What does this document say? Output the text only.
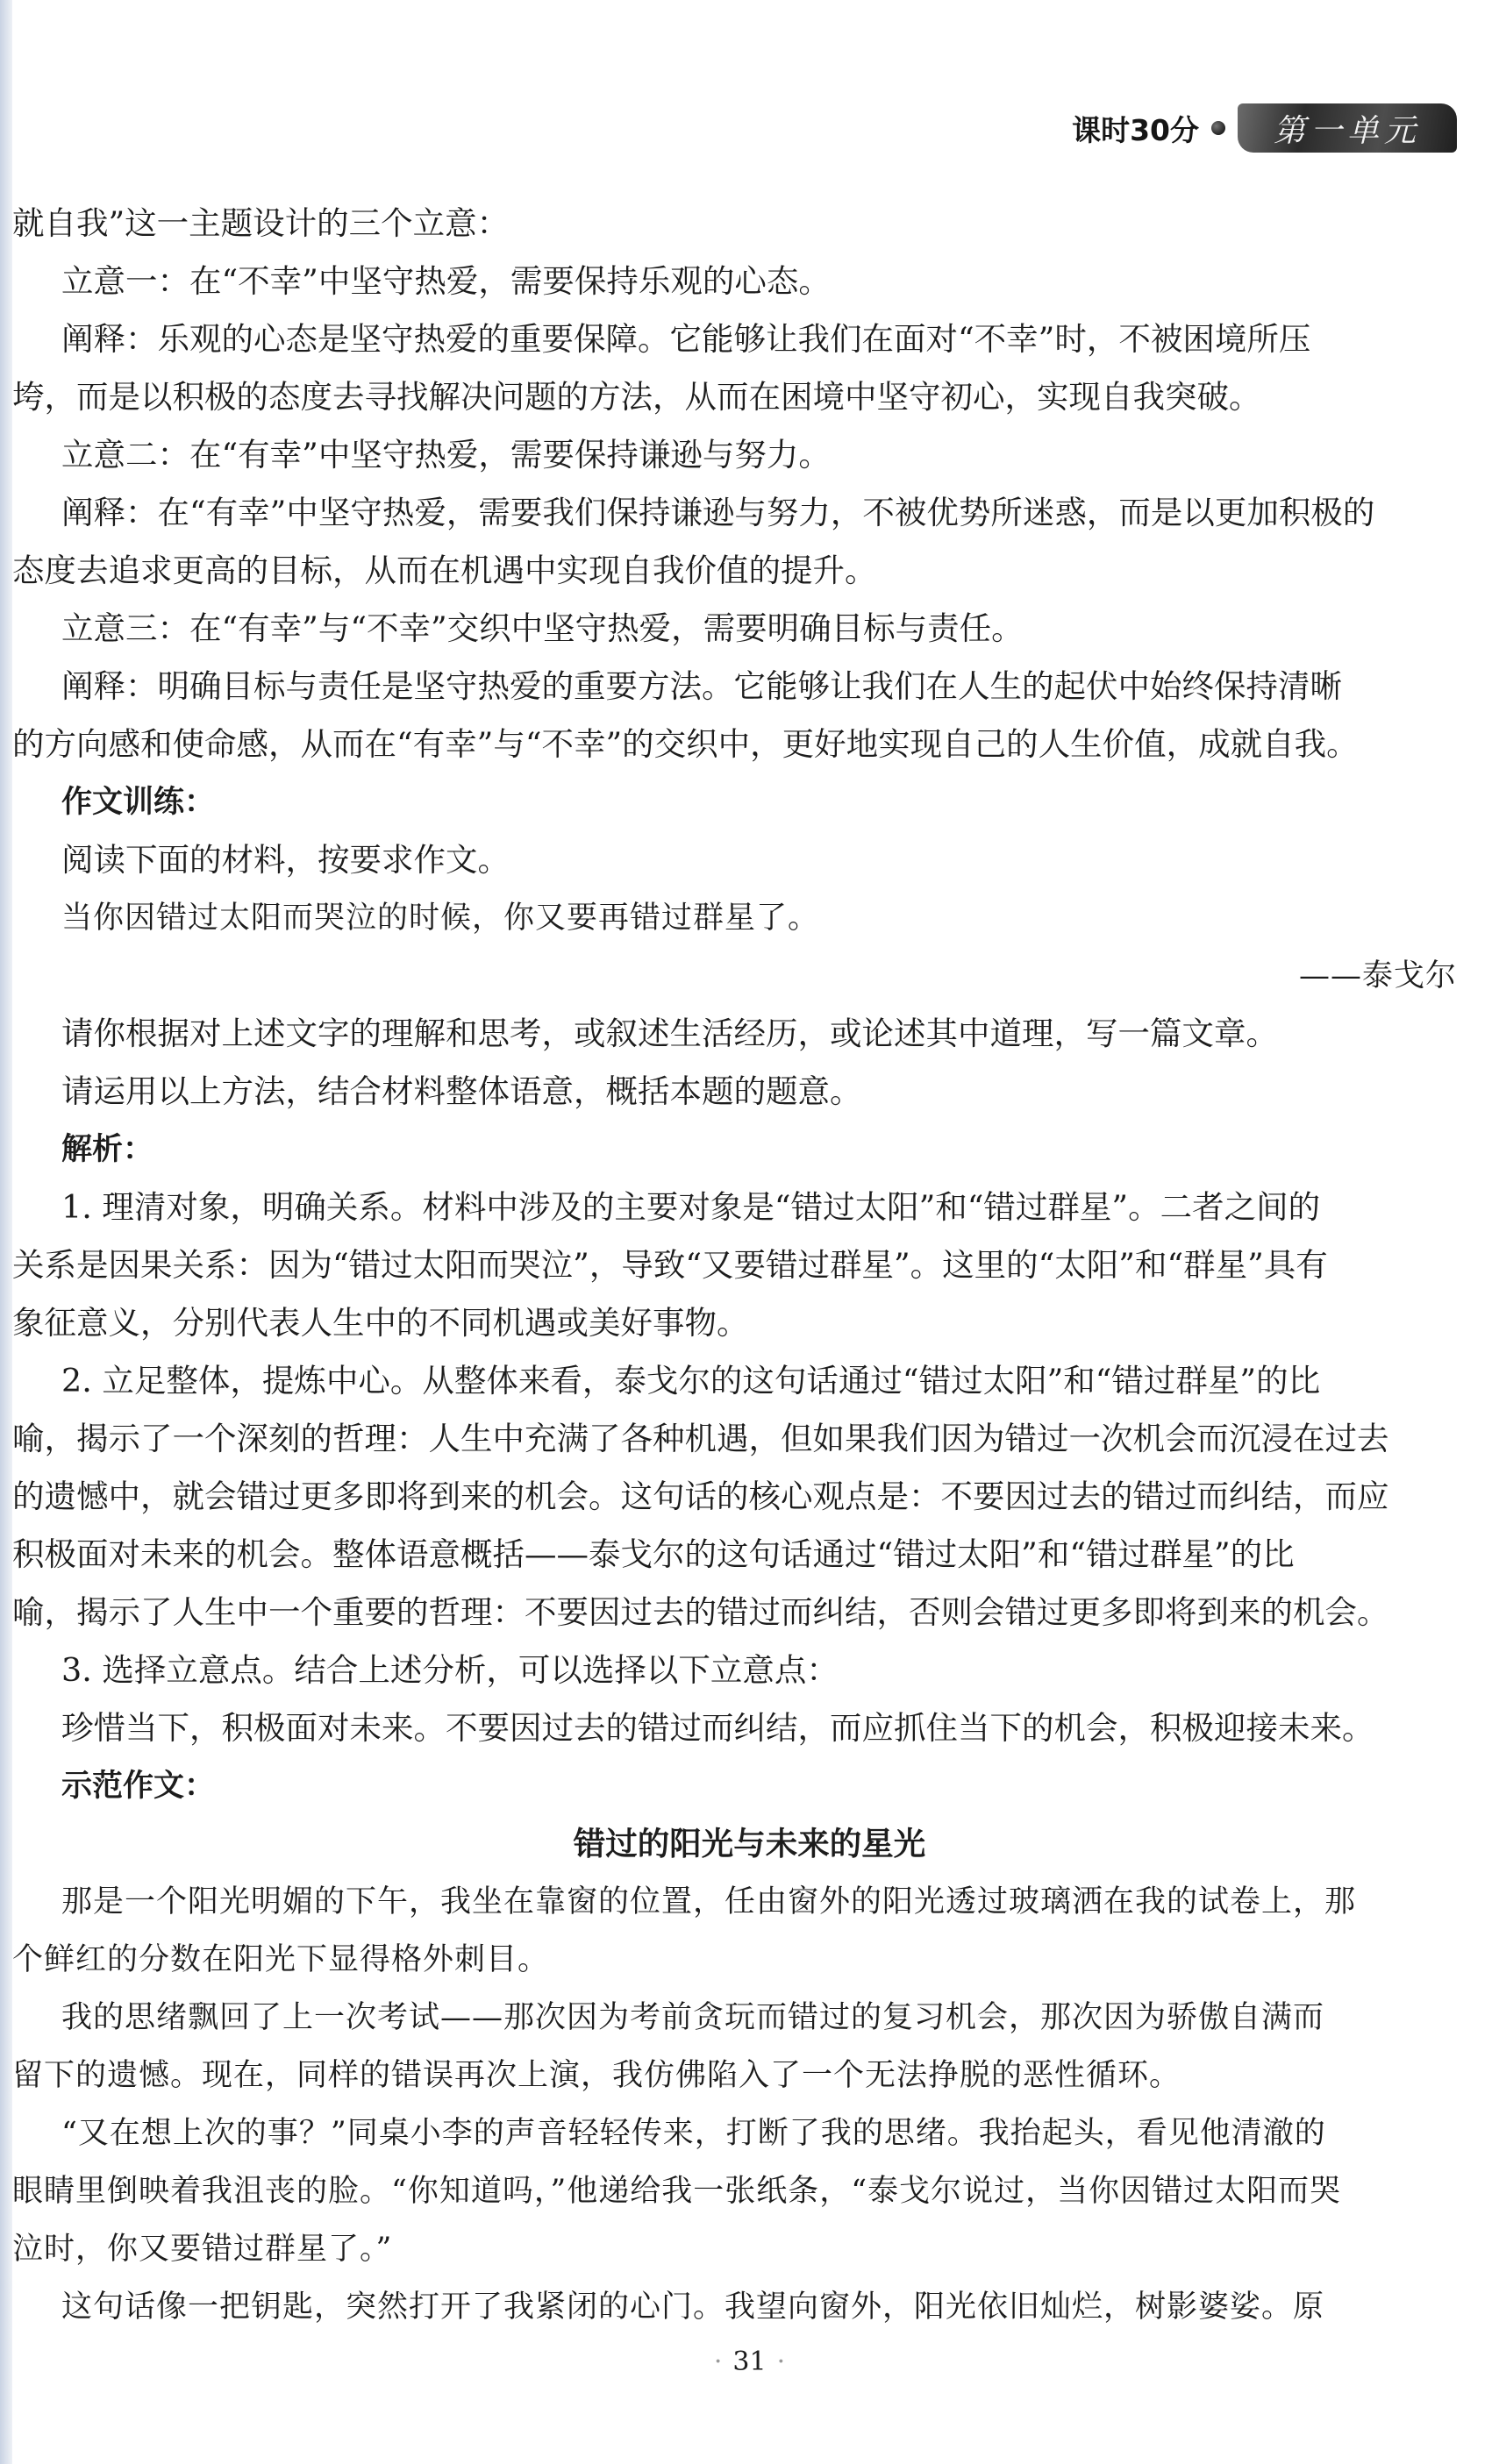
课时30分	第一单元

就自我”这一主题设计的三个立意：

立意一：在“不幸”中坚守热爱，需要保持乐观的心态。

阐释：乐观的心态是坚守热爱的重要保障。它能够让我们在面对“不幸”时，不被困境所压

垮，而是以积极的态度去寻找解决问题的方法，从而在困境中坚守初心，实现自我突破。

立意二：在“有幸”中坚守热爱，需要保持谦逊与努力。

阐释：在“有幸”中坚守热爱，需要我们保持谦逊与努力，不被优势所迷惑，而是以更加积极的

态度去追求更高的目标，从而在机遇中实现自我价值的提升。

立意三：在“有幸”与“不幸”交织中坚守热爱，需要明确目标与责任。

阐释：明确目标与责任是坚守热爱的重要方法。它能够让我们在人生的起伏中始终保持清晰

的方向感和使命感，从而在“有幸”与“不幸”的交织中，更好地实现自己的人生价值，成就自我。

作文训练：

阅读下面的材料，按要求作文。

当你因错过太阳而哭泣的时候，你又要再错过群星了。

——泰戈尔

请你根据对上述文字的理解和思考，或叙述生活经历，或论述其中道理，写一篇文章。

请运用以上方法，结合材料整体语意，概括本题的题意。

解析：

1. 理清对象，明确关系。材料中涉及的主要对象是“错过太阳”和“错过群星”。二者之间的

关系是因果关系：因为“错过太阳而哭泣”，导致“又要错过群星”。这里的“太阳”和“群星”具有

象征意义，分别代表人生中的不同机遇或美好事物。

2. 立足整体，提炼中心。从整体来看，泰戈尔的这句话通过“错过太阳”和“错过群星”的比

喻，揭示了一个深刻的哲理：人生中充满了各种机遇，但如果我们因为错过一次机会而沉浸在过去

的遗憾中，就会错过更多即将到来的机会。这句话的核心观点是：不要因过去的错过而纠结，而应

积极面对未来的机会。整体语意概括——泰戈尔的这句话通过“错过太阳”和“错过群星”的比

喻，揭示了人生中一个重要的哲理：不要因过去的错过而纠结，否则会错过更多即将到来的机会。

3. 选择立意点。结合上述分析，可以选择以下立意点：

珍惜当下，积极面对未来。不要因过去的错过而纠结，而应抓住当下的机会，积极迎接未来。

示范作文：

错过的阳光与未来的星光

那是一个阳光明媚的下午，我坐在靠窗的位置，任由窗外的阳光透过玻璃洒在我的试卷上，那

个鲜红的分数在阳光下显得格外刺目。

我的思绪飘回了上一次考试——那次因为考前贪玩而错过的复习机会，那次因为骄傲自满而

留下的遗憾。现在，同样的错误再次上演，我仿佛陷入了一个无法挣脱的恶性循环。

“又在想上次的事？”同桌小李的声音轻轻传来，打断了我的思绪。我抬起头，看见他清澈的

眼睛里倒映着我沮丧的脸。“你知道吗，”他递给我一张纸条，“泰戈尔说过，当你因错过太阳而哭

泣时，你又要错过群星了。”

这句话像一把钥匙，突然打开了我紧闭的心门。我望向窗外，阳光依旧灿烂，树影婆娑。原

· 31 ·
